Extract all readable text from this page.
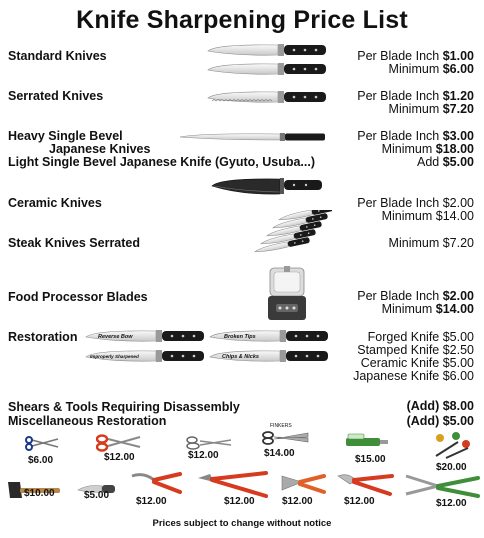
Knife Sharpening Price List
Standard Knives	Per Blade Inch $1.00
Minimum $6.00
Serrated Knives	Per Blade Inch $1.20
Minimum $7.20
Heavy Single Bevel
Japanese Knives
Per Blade Inch $3.00
Minimum $18.00
Light Single Bevel Japanese Knife (Gyuto, Usuba...)	Add $5.00
Ceramic Knives	Per Blade Inch $2.00
Minimum $14.00
Steak Knives Serrated	Minimum $7.20
Food Processor Blades	Per Blade Inch $2.00
Minimum $14.00
Restoration	Reverse Bow	Broken Tips
Improperly Sharpened	Chips & Nicks
Forged Knife $5.00
Stamped Knife $2.50
Ceramic Knife $5.00
Japanese Knife $6.00
Shears & Tools Requiring Disassembly	(Add) $8.00
Miscellaneous Restoration	(Add) $5.00
$6.00	$12.00	$12.00
FINKERS
$14.00
$15.00
$20.00
$10.00	$5.00
$12.00	$12.00	$12.00	$12.00	$12.00
Prices subject to change without notice
